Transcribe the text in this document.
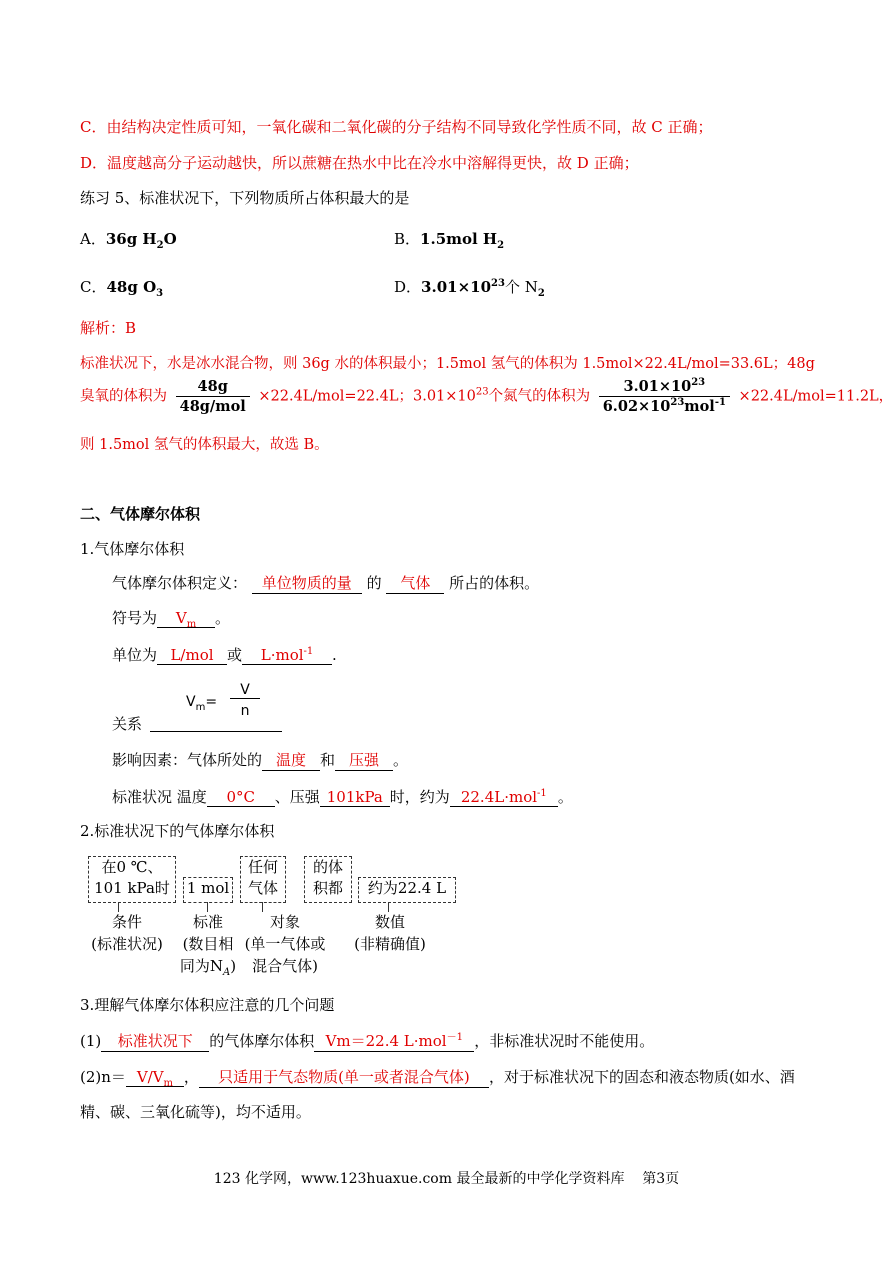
C．由结构决定性质可知，一氧化碳和二氧化碳的分子结构不同导致化学性质不同，故 C 正确；
D．温度越高分子运动越快，所以蔗糖在热水中比在冷水中溶解得更快，故 D 正确；
练习 5、标准状况下，下列物质所占体积最大的是
A．36g $H_2O$	B．1.5mol $H_2$
C．48g $O_3$	D．$3.01\times 10^{23}$个 $N_2$
解析：B
标准状况下，水是冰水混合物，则 36g 水的体积最小；1.5mol 氢气的体积为 1.5mol×22.4L/mol=33.6L；48g
臭氧的体积为 $\frac{48g}{\text{48g/mol}} \times 22.4L/mol=22.4L$；$3.01\times 10^{23}$个氮气的体积为 $\frac{3.01\times 10^{23}}{6.02\times 10^{23}mol^{-1}} \times 22.4L/mol=11.2L$，
则 1.5mol 氢气的体积最大，故选 B。
二、气体摩尔体积
1.气体摩尔体积
气体摩尔体积定义： 单位物质的量 的 气体 所占的体积。
符号为 $V_m$ 。
单位为 L/mol 或 L·mol$^{-1}$ .
关系
$V_m=$
V
n
影响因素：气体所处的 温度 和 压强 。
标准状况 温度 0°C 、压强 101kPa 时，约为 22.4L·mol$^{-1}$ 。
2.标准状况下的气体摩尔体积
在0 ℃、
101 kPa时	1 mol
任何
气体
的体
积都	约为22.4 L
条件
(标准状况)
标准
(数目相
同为$N_A$)
对象
(单一气体或
混合气体)
数值
(非精确值)
3.理解气体摩尔体积应注意的几个问题
(1) 标准状况下 的气体摩尔体积 Vm＝22.4 L·mol$^{-1}$ ，非标准状况时不能使用。
$(2)n= V/V_m$ ， 只适用于气态物质(单一或者混合气体) ，对于标准状况下的固态和液态物质(如水、酒
精、碳、三氧化硫等)，均不适用。
123 化学网，www.123huaxue.com 最全最新的中学化学资料库 第3页
